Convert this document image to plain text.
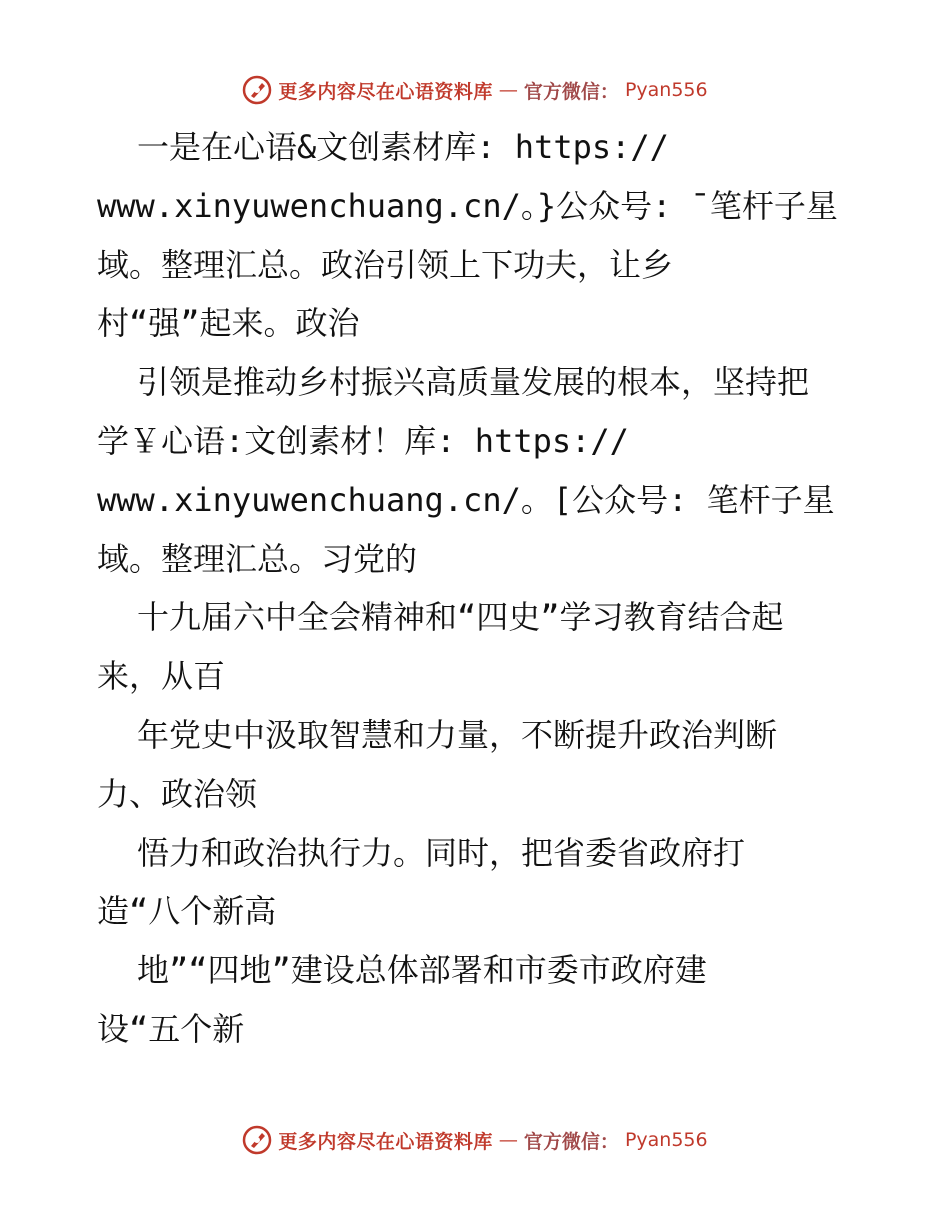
更多内容尽在心语资料库 — 官方微信： Pyan556
一是在心语&文创素材库: https://
www.xinyuwenchuang.cn/。}公众号: ¯笔杆子星
域。整理汇总。政治引领上下功夫，让乡
村“强”起来。政治
引领是推动乡村振兴高质量发展的根本，坚持把
学￥心语:文创素材！库: https://
www.xinyuwenchuang.cn/。[公众号: 笔杆子星
域。整理汇总。习党的
十九届六中全会精神和“四史”学习教育结合起
来，从百
年党史中汲取智慧和力量，不断提升政治判断
力、政治领
悟力和政治执行力。同时，把省委省政府打
造“八个新高
地”“四地”建设总体部署和市委市政府建
设“五个新
更多内容尽在心语资料库 — 官方微信： Pyan556
